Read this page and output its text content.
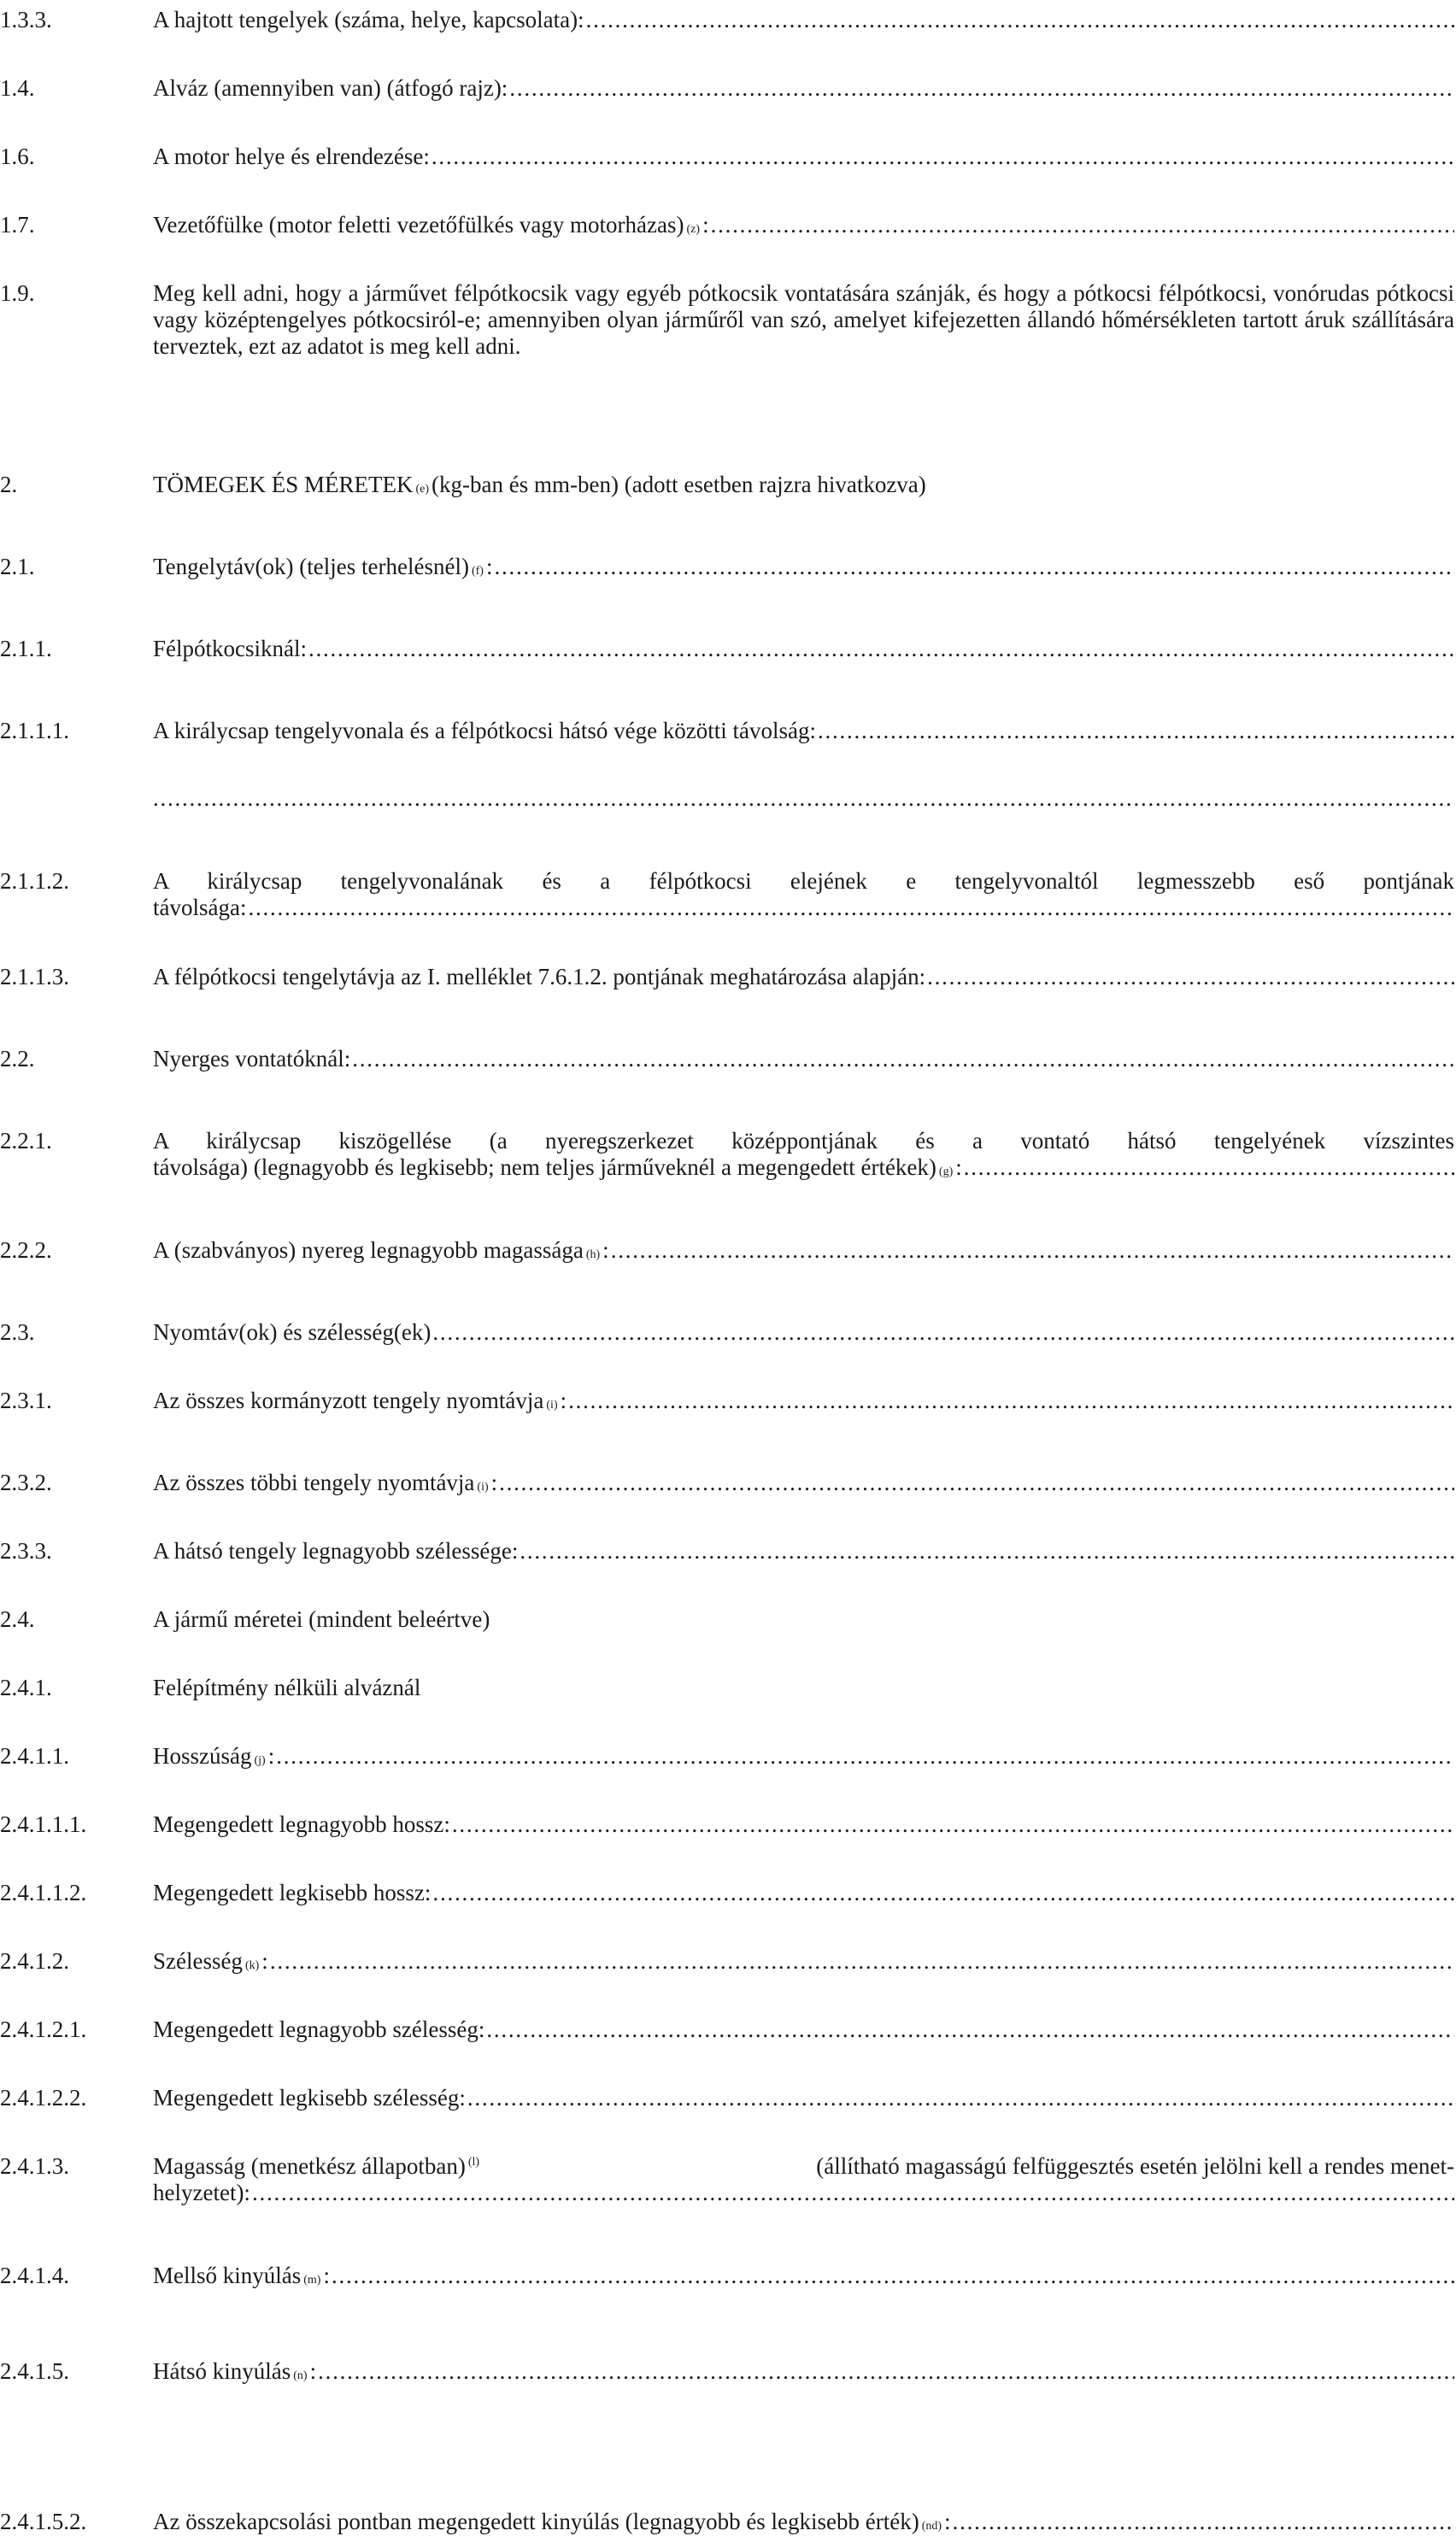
1.3.3.	A hajtott tengelyek (száma, helye, kapcsolata):
. . .
1.4.	Alváz (amennyiben van) (átfogó rajz):
. . .
1.6.	A motor helye és elrendezése:
. . .
1.7.	Vezetőfülke (motor feletti vezetőfülkés vagy motorházas) (z) :
. . .
1.9.	Meg kell adni, hogy a járművet félpótkocsik vagy egyéb pótkocsik vontatására szánják, és hogy a pótkocsi félpótkocsi, vonórudas pótkocsi vagy középtengelyes pótkocsiról-e; amennyiben olyan járműről van szó, amelyet kifejezetten állandó hőmérsékleten tartott áruk szállítására terveztek, ezt az adatot is meg kell adni.
2.	TÖMEGEK ÉS MÉRETEK (e) (kg-ban és mm-ben) (adott esetben rajzra hivatkozva)
2.1.	Tengelytáv(ok) (teljes terhelésnél) (f) :
. . .
2.1.1.	Félpótkocsiknál:
. . .
2.1.1.1.	A királycsap tengelyvonala és a félpótkocsi hátsó vége közötti távolság:
. . .
. . .
2.1.1.2.	A királycsap tengelyvonalának és a félpótkocsi elejének e tengelyvonaltól legmesszebb eső pontjának
távolsága:
. . .
2.1.1.3.	A félpótkocsi tengelytávja az I. melléklet 7.6.1.2. pontjának meghatározása alapján:
. . .
2.2.	Nyerges vontatóknál:
. . .
2.2.1.	A királycsap kiszögellése (a nyeregszerkezet középpontjának és a vontató hátsó tengelyének vízszintes
távolsága) (legnagyobb és legkisebb; nem teljes járműveknél a megengedett értékek) (g) :
. . .
2.2.2.	A (szabványos) nyereg legnagyobb magassága (h) :
. . .
2.3.	Nyomtáv(ok) és szélesség(ek)
. . .
2.3.1.	Az összes kormányzott tengely nyomtávja (i) :
. . .
2.3.2.	Az összes többi tengely nyomtávja (i) :
. . .
2.3.3.	A hátsó tengely legnagyobb szélessége:
. . .
2.4.	A jármű méretei (mindent beleértve)
2.4.1.	Felépítmény nélküli alváznál
2.4.1.1.	Hosszúság (j) :
. . .
2.4.1.1.1.	Megengedett legnagyobb hossz:
. . .
2.4.1.1.2.	Megengedett legkisebb hossz:
. . .
2.4.1.2.	Szélesség (k) :
. . .
2.4.1.2.1.	Megengedett legnagyobb szélesség:
. . .
2.4.1.2.2.	Megengedett legkisebb szélesség:
. . .
2.4.1.3.	Magasság (menetkész állapotban) $^{(l)}$	(állítható magasságú felfüggesztés esetén jelölni kell a rendes menet-
helyzetet):
. . .
2.4.1.4.	Mellső kinyúlás (m) :
. . .
2.4.1.5.	Hátsó kinyúlás (n) :
. . .
2.4.1.5.2.	Az összekapcsolási pontban megengedett kinyúlás (legnagyobb és legkisebb érték) (nd) :
. . .
